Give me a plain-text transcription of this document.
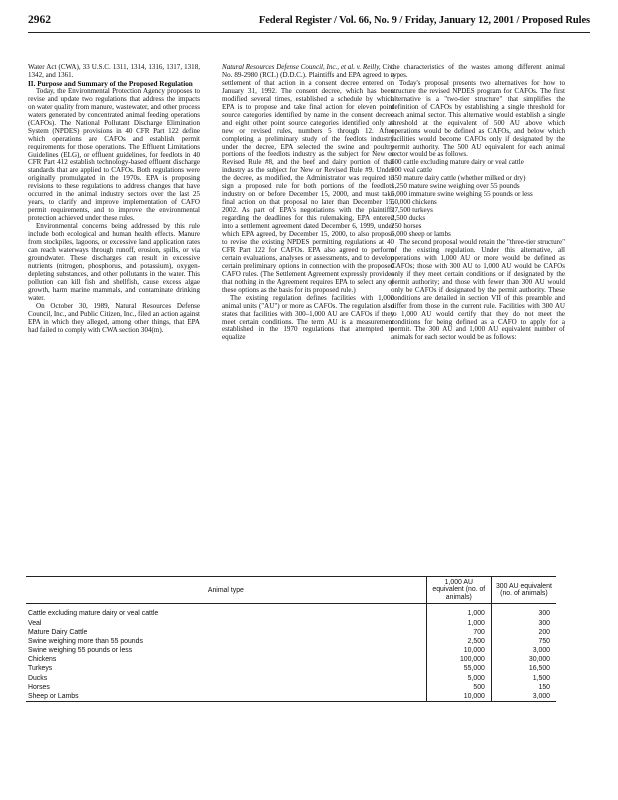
2962	Federal Register / Vol. 66, No. 9 / Friday, January 12, 2001 / Proposed Rules

Water Act (CWA), 33 U.S.C. 1311, 1314, 1316, 1317, 1318, 1342, and 1361.

II. Purpose and Summary of the Proposed Regulation

Today, the Environmental Protection Agency proposes to revise and update two regulations that address the impacts on water quality from manure, wastewater, and other process waters generated by concentrated animal feeding operations (CAFOs). The National Pollutant Discharge Elimination System (NPDES) provisions in 40 CFR Part 122 define which operations are CAFOs and establish permit requirements for those operations. The Effluent Limitations Guidelines (ELG), or effluent guidelines, for feedlots in 40 CFR Part 412 establish technology-based effluent discharge standards that are applied to CAFOs. Both regulations were originally promulgated in the 1970s. EPA is proposing revisions to these regulations to address changes that have occurred in the animal industry sectors over the last 25 years, to clarify and improve implementation of CAFO permit requirements, and to improve the environmental protection achieved under these rules.

Environmental concerns being addressed by this rule include both ecological and human health effects. Manure from stockpiles, lagoons, or excessive land application rates can reach waterways through runoff, erosion, spills, or via groundwater. These discharges can result in excessive nutrients (nitrogen, phosphorus, and potassium), oxygen-depleting substances, and other pollutants in the water. This pollution can kill fish and shellfish, cause excess algae growth, harm marine mammals, and contaminate drinking water.

On October 30, 1989, Natural Resources Defense Council, Inc., and Public Citizen, Inc., filed an action against EPA in which they alleged, among other things, that EPA had failed to comply with CWA section 304(m).

Natural Resources Defense Council, Inc., et al. v. Reilly, Civ. No. 89-2980 (RCL) (D.D.C.). Plaintiffs and EPA agreed to a settlement of that action in a consent decree entered on January 31, 1992. The consent decree, which has been modified several times, established a schedule by which EPA is to propose and take final action for eleven point source categories identified by name in the consent decree and eight other point source categories identified only as new or revised rules, numbers 5 through 12. After completing a preliminary study of the feedlots industry under the decree, EPA selected the swine and poultry portions of the feedlots industry as the subject for New or Revised Rule #8, and the beef and dairy portion of that industry as the subject for New or Revised Rule #9. Under the decree, as modified, the Administrator was required to sign a proposed rule for both portions of the feedlots industry on or before December 15, 2000, and must take final action on that proposal no later than December 15, 2002. As part of EPA's negotiations with the plaintiffs regarding the deadlines for this rulemaking, EPA entered into a settlement agreement dated December 6, 1999, under which EPA agreed, by December 15, 2000, to also propose to revise the existing NPDES permitting regulations at 40 CFR Part 122 for CAFOs. EPA also agreed to perform certain evaluations, analyses or assessments, and to develop certain preliminary options in connection with the proposed CAFO rules. (The Settlement Agreement expressly provides that nothing in the Agreement requires EPA to select any of these options as the basis for its proposed rule.)

The existing regulation defines facilities with 1,000 animal units ("AU") or more as CAFOs. The regulation also states that facilities with 300–1,000 AU are CAFOs if they meet certain conditions. The term AU is a measurement established in the 1970 regulations that attempted to equalize

the characteristics of the wastes among different animal types.

Today's proposal presents two alternatives for how to structure the revised NPDES program for CAFOs. The first alternative is a "two-tier structure" that simplifies the definition of CAFOs by establishing a single threshold for each animal sector. This alternative would establish a single threshold at the equivalent of 500 AU above which operations would be defined as CAFOs, and below which facilities would become CAFOs only if designated by the permit authority. The 500 AU equivalent for each animal sector would be as follows.

500 cattle excluding mature dairy or veal cattle
500 veal cattle
350 mature dairy cattle (whether milked or dry)
1,250 mature swine weighing over 55 pounds
5,000 immature swine weighing 55 pounds or less
50,000 chickens
27,500 turkeys
2,500 ducks
250 horses
5,000 sheep or lambs

The second proposal would retain the "three-tier structure" of the existing regulation. Under this alternative, all operations with 1,000 AU or more would be defined as CAFOs; those with 300 AU to 1,000 AU would be CAFOs only if they meet certain conditions or if designated by the permit authority; and those with fewer than 300 AU would only be CAFOs if designated by the permit authority. These conditions are detailed in section VII of this preamble and differ from those in the current rule. Facilities with 300 AU to 1,000 AU would certify that they do not meet the conditions for being defined as a CAFO to apply for a permit. The 300 AU and 1,000 AU equivalent number of animals for each sector would be as follows:

Animal type	1,000 AU equivalent (no. of animals)	300 AU equivalent (no. of animals)
Cattle excluding mature dairy or veal cattle	1,000	300
Veal	1,000	300
Mature Dairy Cattle	700	200
Swine weighing more than 55 pounds	2,500	750
Swine weighing 55 pounds or less	10,000	3,000
Chickens	100,000	30,000
Turkeys	55,000	16,500
Ducks	5,000	1,500
Horses	500	150
Sheep or Lambs	10,000	3,000
